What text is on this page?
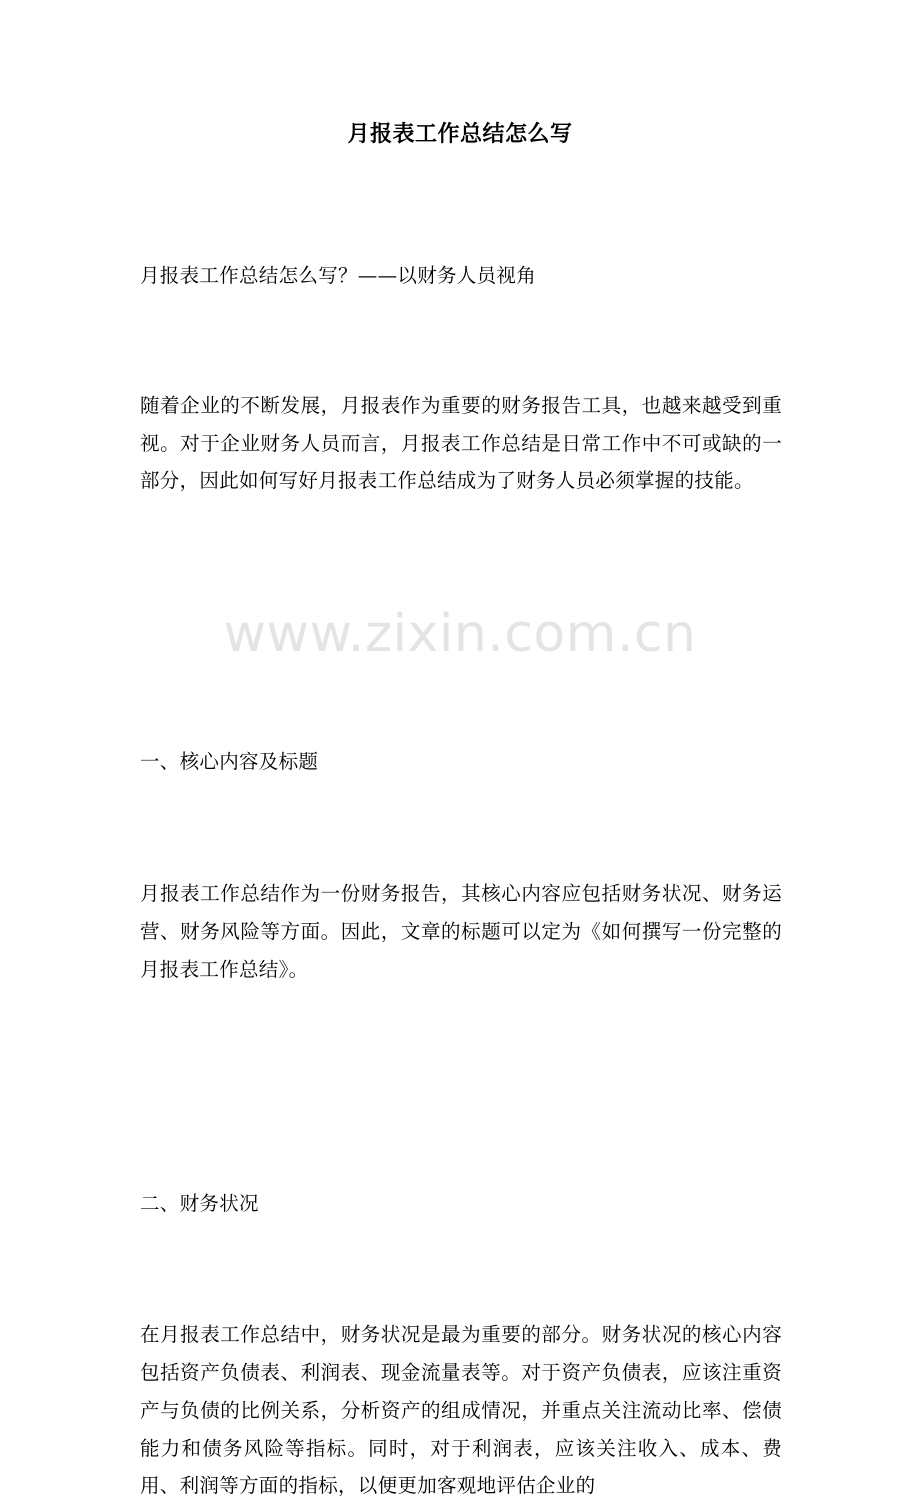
www.zixin.com.cn
月报表工作总结怎么写
月报表工作总结怎么写？——以财务人员视角
随着企业的不断发展，月报表作为重要的财务报告工具，也越来越受到重视。对于企业财务人员而言，月报表工作总结是日常工作中不可或缺的一部分，因此如何写好月报表工作总结成为了财务人员必须掌握的技能。
一、核心内容及标题
月报表工作总结作为一份财务报告，其核心内容应包括财务状况、财务运营、财务风险等方面。因此，文章的标题可以定为《如何撰写一份完整的月报表工作总结》。
二、财务状况
在月报表工作总结中，财务状况是最为重要的部分。财务状况的核心内容包括资产负债表、利润表、现金流量表等。对于资产负债表，应该注重资产与负债的比例关系，分析资产的组成情况，并重点关注流动比率、偿债能力和债务风险等指标。同时，对于利润表，应该关注收入、成本、费用、利润等方面的指标，以便更加客观地评估企业的
